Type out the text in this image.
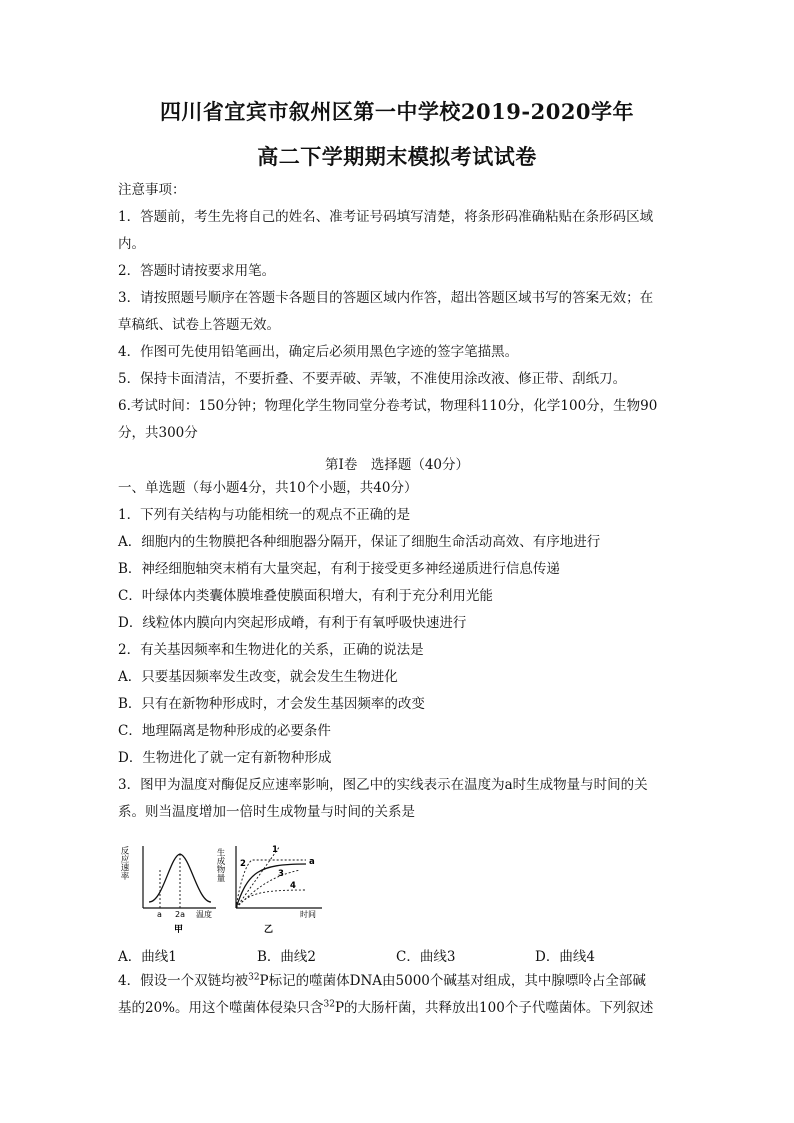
四川省宜宾市叙州区第一中学校2019-2020学年
高二下学期期末模拟考试试卷
注意事项：
1．答题前，考生先将自己的姓名、准考证号码填写清楚，将条形码准确粘贴在条形码区域
内。
2．答题时请按要求用笔。
3．请按照题号顺序在答题卡各题目的答题区域内作答，超出答题区域书写的答案无效；在
草稿纸、试卷上答题无效。
4．作图可先使用铅笔画出，确定后必须用黑色字迹的签字笔描黑。
5．保持卡面清洁，不要折叠、不要弄破、弄皱，不准使用涂改液、修正带、刮纸刀。
6.考试时间：150分钟；物理化学生物同堂分卷考试，物理科110分，化学100分，生物90
分，共300分
第I卷　选择题（40分）
一、单选题（每小题4分，共10个小题，共40分）
1．下列有关结构与功能相统一的观点不正确的是
A．细胞内的生物膜把各种细胞器分隔开，保证了细胞生命活动高效、有序地进行
B．神经细胞轴突末梢有大量突起，有利于接受更多神经递质进行信息传递
C．叶绿体内类囊体膜堆叠使膜面积增大，有利于充分利用光能
D．线粒体内膜向内突起形成嵴，有利于有氧呼吸快速进行
2．有关基因频率和生物进化的关系，正确的说法是
A．只要基因频率发生改变，就会发生生物进化
B．只有在新物种形成时，才会发生基因频率的改变
C．地理隔离是物种形成的必要条件
D．生物进化了就一定有新物种形成
3．图甲为温度对酶促反应速率影响，图乙中的实线表示在温度为a时生成物量与时间的关
系。则当温度增加一倍时生成物量与时间的关系是
反应速率
a 2a 温度
甲
生成物量	1
2
3
4
a
时间
乙
A．曲线1	B．曲线2	C．曲线3	D．曲线4
4．假设一个双链均被$^{32}$P标记的噬菌体DNA由5000个碱基对组成，其中腺嘌呤占全部碱
基的20%。用这个噬菌体侵染只含$^{32}$P的大肠杆菌，共释放出100个子代噬菌体。下列叙述
